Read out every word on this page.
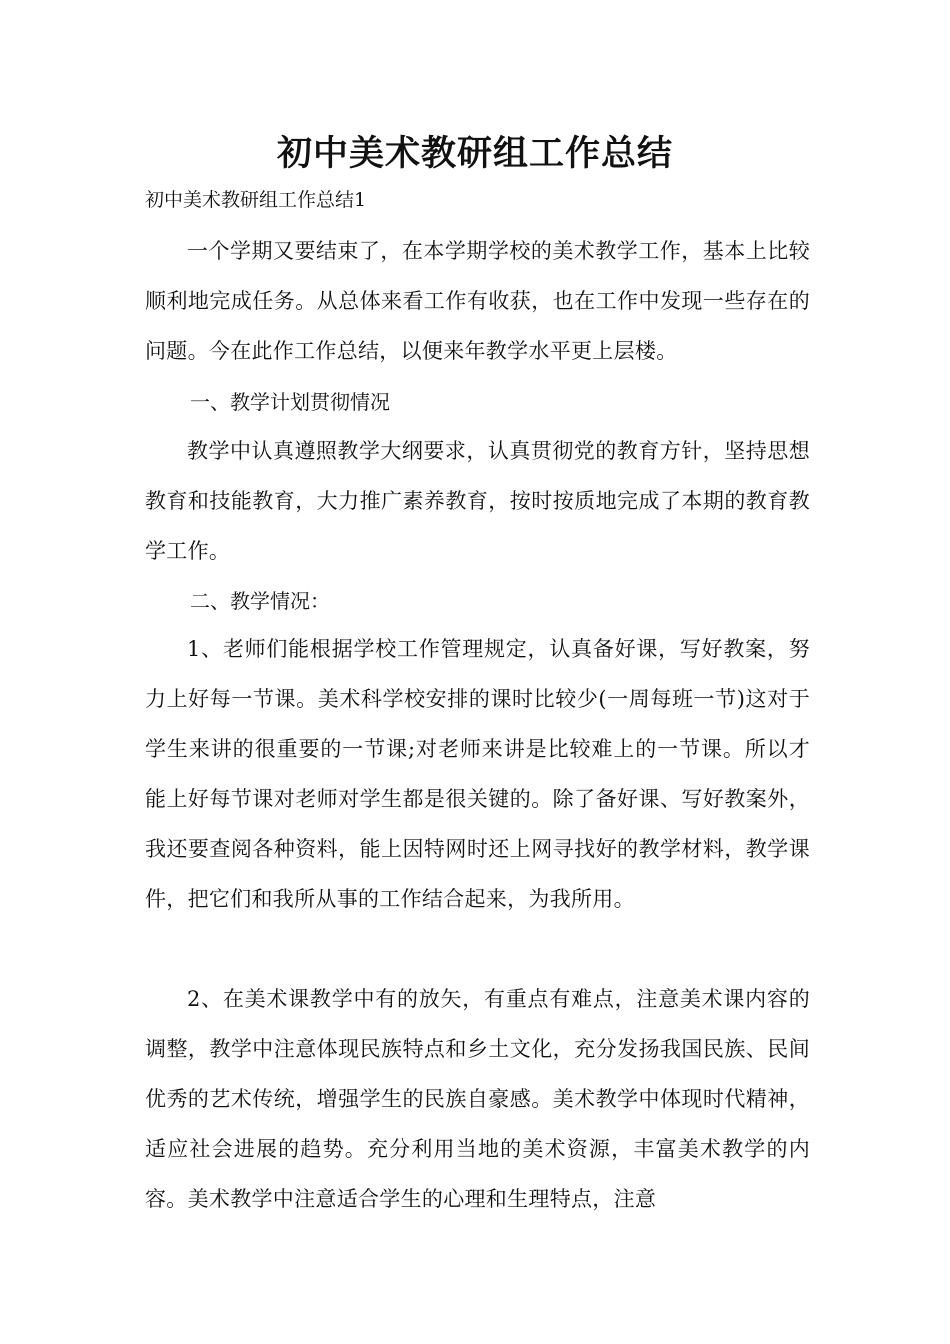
初中美术教研组工作总结

初中美术教研组工作总结1

一个学期又要结束了，在本学期学校的美术教学工作，基本上比较顺利地完成任务。从总体来看工作有收获，也在工作中发现一些存在的问题。今在此作工作总结，以便来年教学水平更上层楼。

一、教学计划贯彻情况

教学中认真遵照教学大纲要求，认真贯彻党的教育方针，坚持思想教育和技能教育，大力推广素养教育，按时按质地完成了本期的教育教学工作。

二、教学情况：

1、老师们能根据学校工作管理规定，认真备好课，写好教案，努力上好每一节课。美术科学校安排的课时比较少(一周每班一节)这对于学生来讲的很重要的一节课;对老师来讲是比较难上的一节课。所以才能上好每节课对老师对学生都是很关键的。除了备好课、写好教案外，我还要查阅各种资料，能上因特网时还上网寻找好的教学材料，教学课件，把它们和我所从事的工作结合起来，为我所用。

2、在美术课教学中有的放矢，有重点有难点，注意美术课内容的调整，教学中注意体现民族特点和乡土文化，充分发扬我国民族、民间优秀的艺术传统，增强学生的民族自豪感。美术教学中体现时代精神，适应社会进展的趋势。充分利用当地的美术资源，丰富美术教学的内容。美术教学中注意适合学生的心理和生理特点，注意
